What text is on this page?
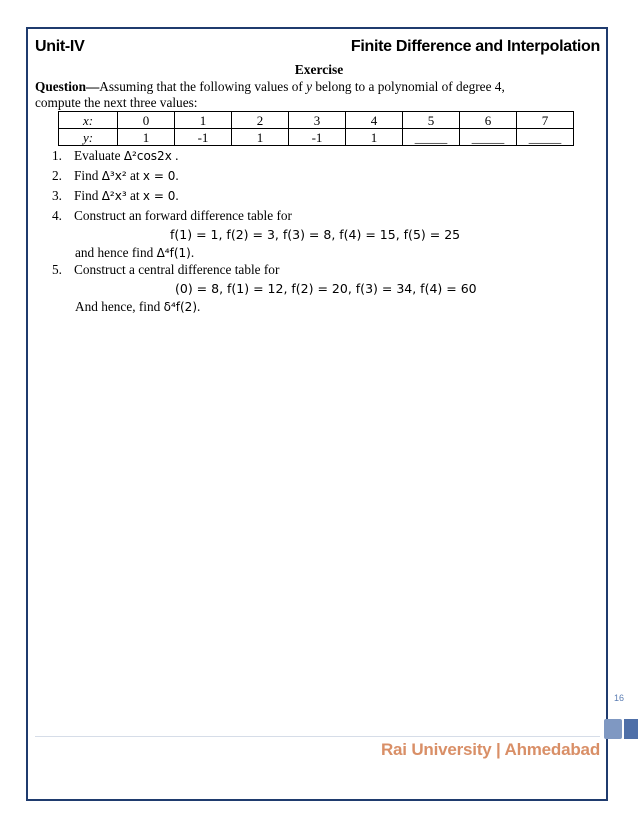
Unit-IV	Finite Difference and Interpolation
Exercise
Question—Assuming that the following values of y belong to a polynomial of degree 4,
compute the next three values:
x:	0	1	2	3	4	5	6	7
y:	1	-1	1	-1	1	_____	_____	_____
1. Evaluate Δ²cos2x .
2. Find Δ³x² at x = 0.
3. Find Δ²x³ at x = 0.
4. Construct an forward difference table for
f(1) = 1, f(2) = 3, f(3) = 8, f(4) = 15, f(5) = 25
and hence find Δ⁴f(1).
5. Construct a central difference table for
(0) = 8, f(1) = 12, f(2) = 20, f(3) = 34, f(4) = 60
And hence, find δ⁴f(2).
16
Rai University | Ahmedabad
